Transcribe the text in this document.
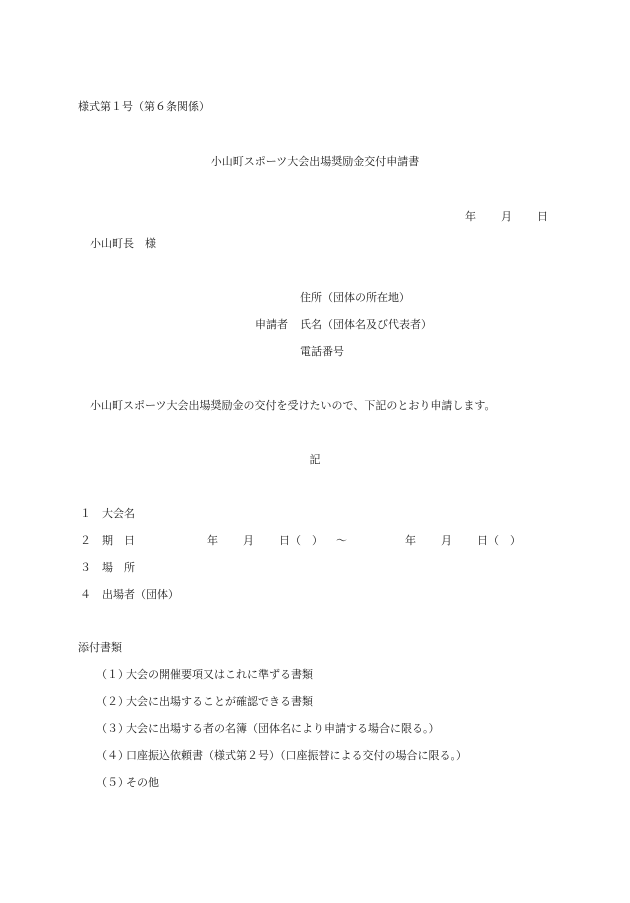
様式第１号（第６条関係）
小山町スポーツ大会出場奨励金交付申請書
年 月 日
小山町長　様
住所（団体の所在地）
申請者 氏名（団体名及び代表者）
電話番号
小山町スポーツ大会出場奨励金の交付を受けたいので、下記のとおり申請します。
記
１ 大会名
２ 期　日	年 月 日（　） ～	年 月 日（　）
３ 場　所
４ 出場者（団体）
添付書類
（１）
大会の開催要項又はこれに準ずる書類
（２）
大会に出場することが確認できる書類
（３）
大会に出場する者の名簿（団体名により申請する場合に限る。）
（４）
口座振込依頼書（様式第２号）（口座振替による交付の場合に限る。）
（５）
その他
